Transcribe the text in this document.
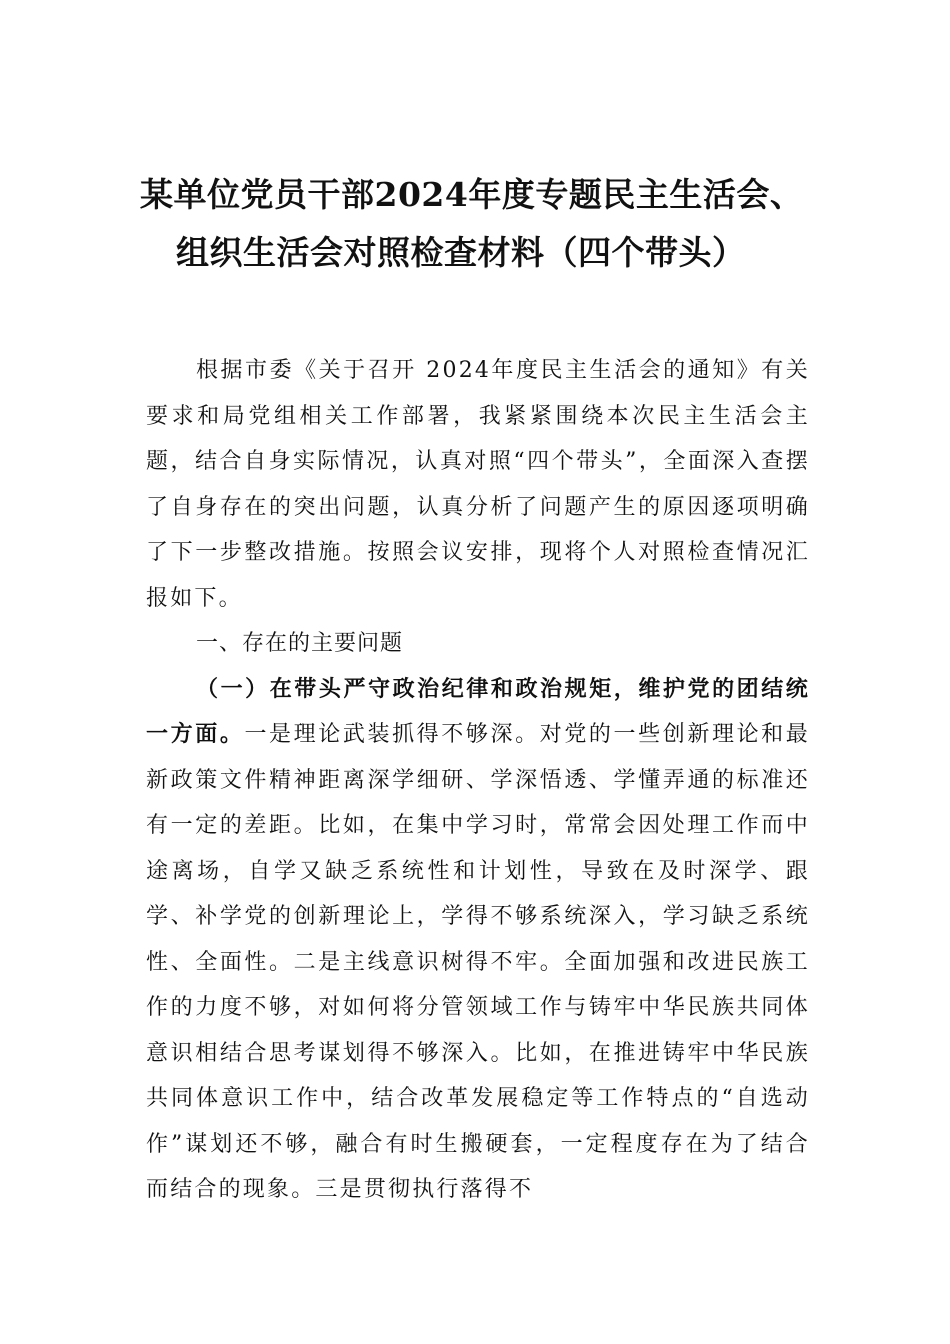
某单位党员干部2024年度专题民主生活会、
组织生活会对照检查材料（四个带头）

根据市委《关于召开 2024年度民主生活会的通知》有关要求和局党组相关工作部署，我紧紧围绕本次民主生活会主题，结合自身实际情况，认真对照“四个带头”，全面深入查摆了自身存在的突出问题，认真分析了问题产生的原因逐项明确了下一步整改措施。按照会议安排，现将个人对照检查情况汇报如下。

一、存在的主要问题

（一）在带头严守政治纪律和政治规矩，维护党的团结统一方面。一是理论武装抓得不够深。对党的一些创新理论和最新政策文件精神距离深学细研、学深悟透、学懂弄通的标准还有一定的差距。比如，在集中学习时，常常会因处理工作而中途离场，自学又缺乏系统性和计划性，导致在及时深学、跟学、补学党的创新理论上，学得不够系统深入，学习缺乏系统性、全面性。二是主线意识树得不牢。全面加强和改进民族工作的力度不够，对如何将分管领域工作与铸牢中华民族共同体意识相结合思考谋划得不够深入。比如，在推进铸牢中华民族共同体意识工作中，结合改革发展稳定等工作特点的“自选动作”谋划还不够，融合有时生搬硬套，一定程度存在为了结合而结合的现象。三是贯彻执行落得不
